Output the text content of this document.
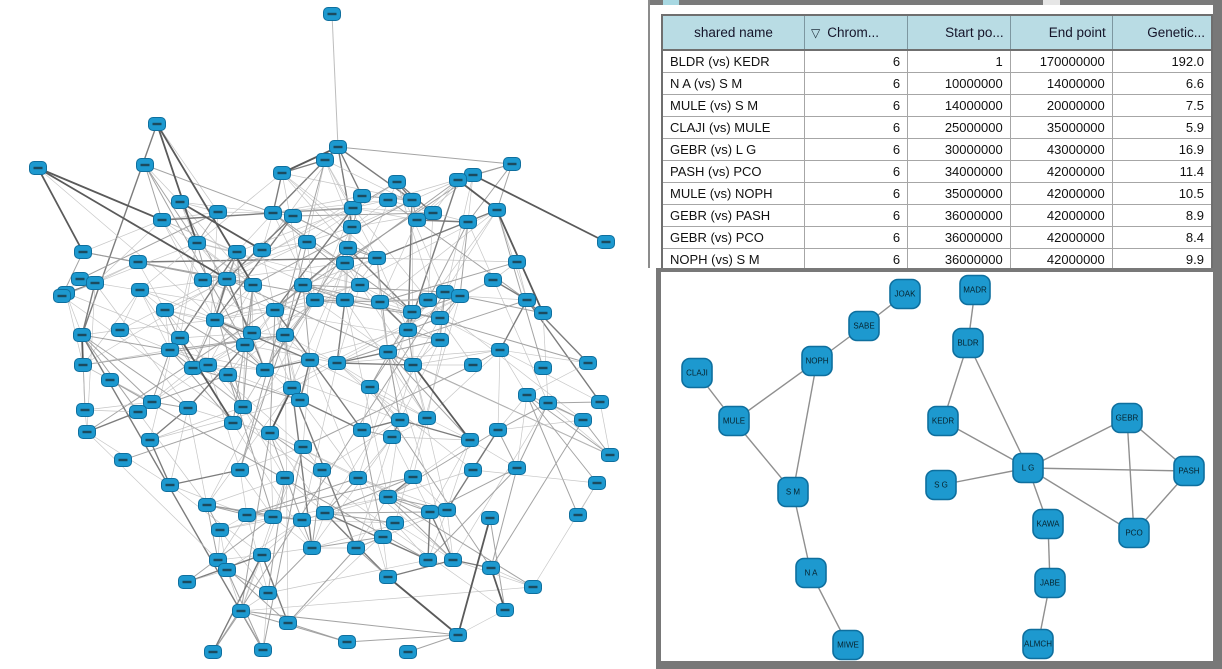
shared name	▽ Chrom...	Start po...	End point	Genetic...
BLDR (vs) KEDR	6	1	170000000	192.0
N A (vs) S M	6	10000000	14000000	6.6
MULE (vs) S M	6	14000000	20000000	7.5
CLAJI (vs) MULE	6	25000000	35000000	5.9
GEBR (vs) L G	6	30000000	43000000	16.9
PASH (vs) PCO	6	34000000	42000000	11.4
MULE (vs) NOPH	6	35000000	42000000	10.5
GEBR (vs) PASH	6	36000000	42000000	8.9
GEBR (vs) PCO	6	36000000	42000000	8.4
NOPH (vs) S M	6	36000000	42000000	9.9
JOAK	MADR
SABE
BLDR
NOPH
CLAJI
GEBR
MULE	KEDR
L G	PASH
S G
S M
KAWA
PCO
N A
JABE
ALMCH
MIWE
